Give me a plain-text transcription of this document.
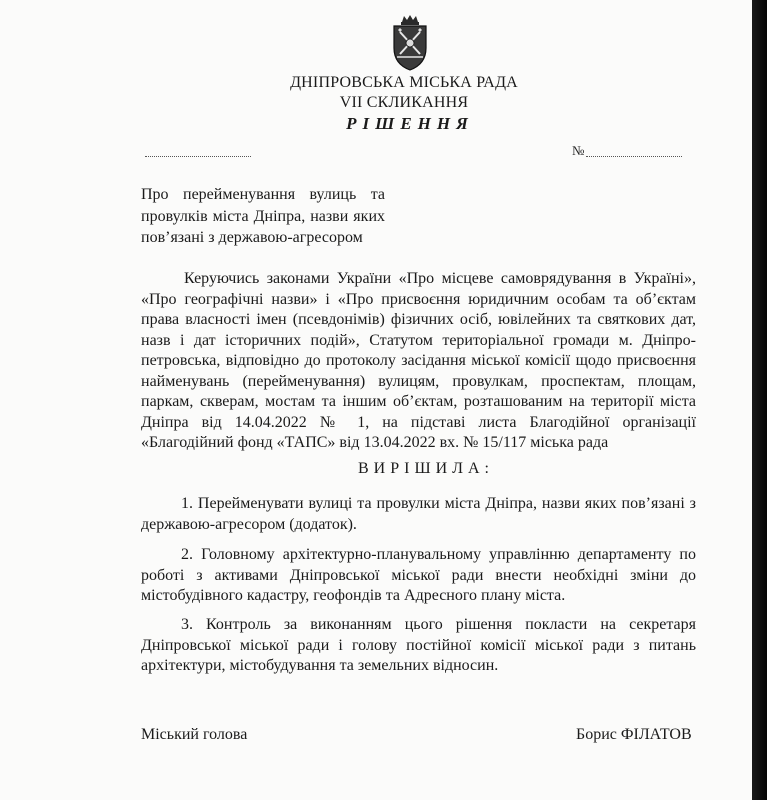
ДНІПРОВСЬКА МІСЬКА РАДА
VII СКЛИКАННЯ
РІШЕННЯ
№
Про перейменування вулиць та провулків міста Дніпра, назви яких пов’язані з державою-агресором
Керуючись законами України «Про місцеве самоврядування в Україні», «Про географічні назви» і «Про присвоєння юридичним особам та об’єктам права власності імен (псевдонімів) фізичних осіб, ювілейних та святкових дат, назв і дат історичних подій», Статутом територіальної громади м. Дніпропетровська, відповідно до протоколу засідання міської комісії щодо присвоєння найменувань (перейменування) вулицям, провулкам, проспектам, площам, паркам, скверам, мостам та іншим об’єктам, розташованим на території міста Дніпра від 14.04.2022 № 1, на підставі листа Благодійної організації «Благодійний фонд «ТАПС» від 13.04.2022 вх. № 15/117 міська рада
ВИРІШИЛА:
1. Перейменувати вулиці та провулки міста Дніпра, назви яких пов’язані з державою-агресором (додаток).
2. Головному архітектурно-планувальному управлінню департаменту по роботі з активами Дніпровської міської ради внести необхідні зміни до містобудівного кадастру, геофондів та Адресного плану міста.
3. Контроль за виконанням цього рішення покласти на секретаря Дніпровської міської ради і голову постійної комісії міської ради з питань архітектури, містобудування та земельних відносин.
Міський голова	Борис ФІЛАТОВ
